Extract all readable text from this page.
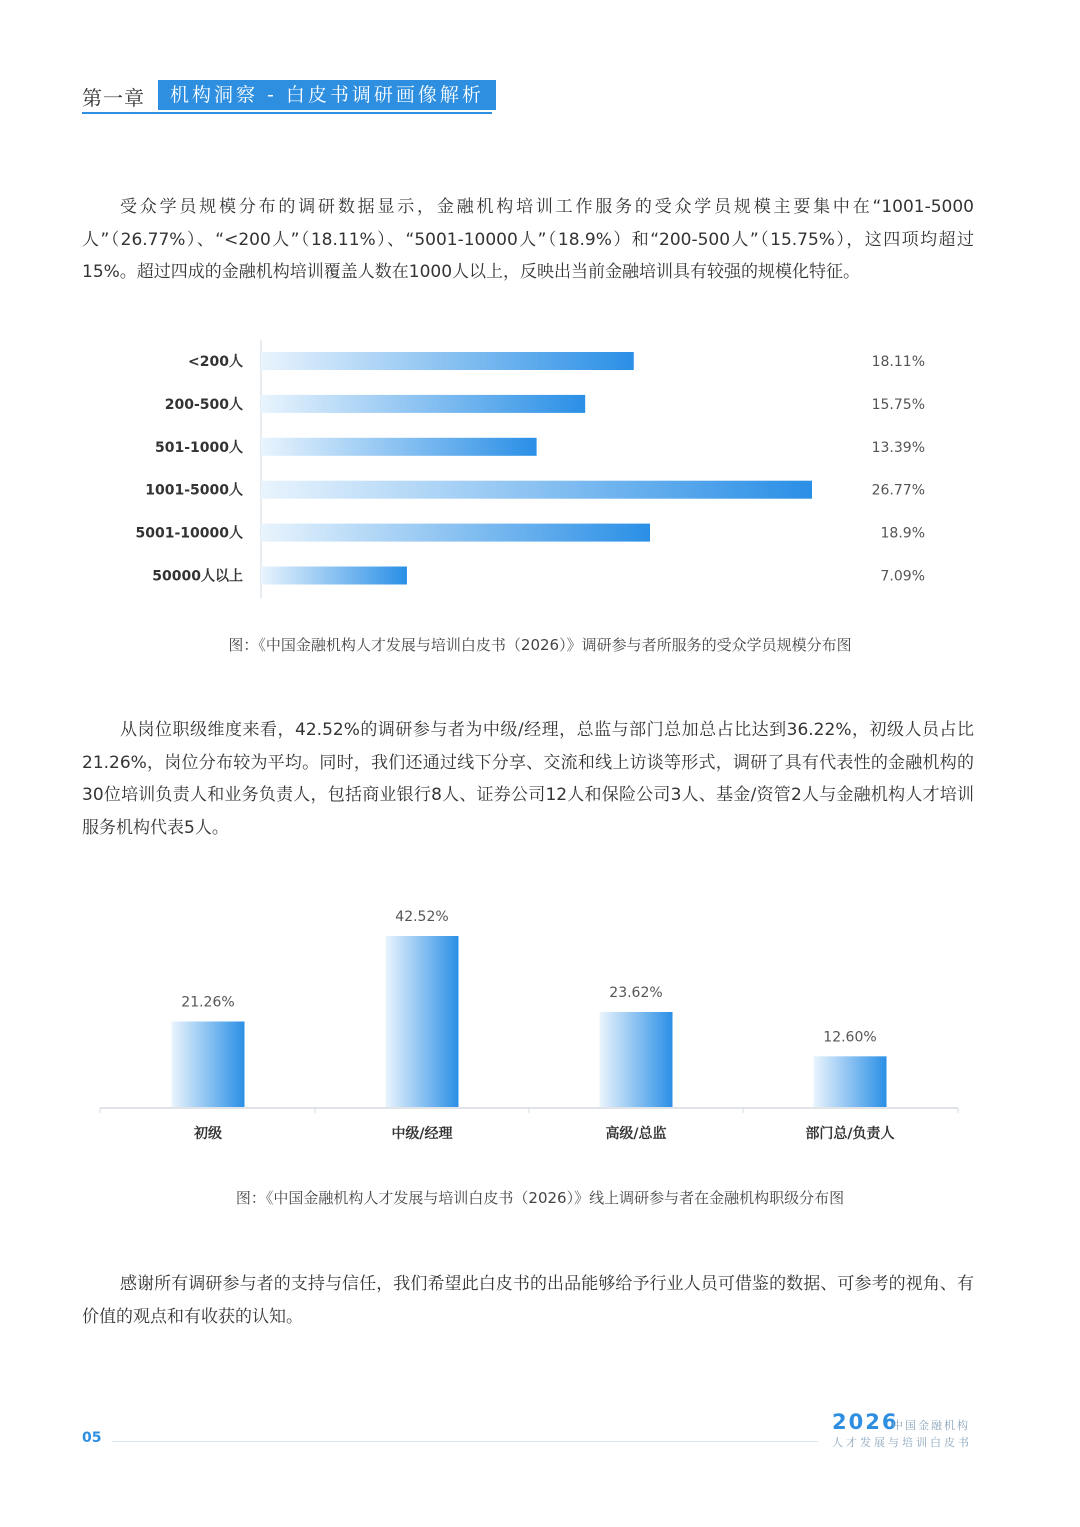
第一章	机构洞察 - 白皮书调研画像解析

受众学员规模分布的调研数据显示，金融机构培训工作服务的受众学员规模主要集中在“1001-5000人”（26.77%）、“<200人”（18.11%）、“5001-10000人”（18.9%）和“200-500人”（15.75%），这四项均超过15%。超过四成的金融机构培训覆盖人数在1000人以上，反映出当前金融培训具有较强的规模化特征。

<200人	18.11%
200-500人	15.75%
501-1000人	13.39%
1001-5000人	26.77%
5001-10000人	18.9%
50000人以上	7.09%
图：《中国金融机构人才发展与培训白皮书（2026）》调研参与者所服务的受众学员规模分布图

从岗位职级维度来看，42.52%的调研参与者为中级/经理，总监与部门总加总占比达到36.22%，初级人员占比21.26%，岗位分布较为平均。同时，我们还通过线下分享、交流和线上访谈等形式，调研了具有代表性的金融机构的30位培训负责人和业务负责人，包括商业银行8人、证券公司12人和保险公司3人、基金/资管2人与金融机构人才培训服务机构代表5人。

21.26%
初级
42.52%
中级/经理
23.62%
高级/总监
12.60%
部门总/负责人
图：《中国金融机构人才发展与培训白皮书（2026）》线上调研参与者在金融机构职级分布图

感谢所有调研参与者的支持与信任，我们希望此白皮书的出品能够给予行业人员可借鉴的数据、可参考的视角、有价值的观点和有收获的认知。

05
2026
中国金融机构
人才发展与培训白皮书
